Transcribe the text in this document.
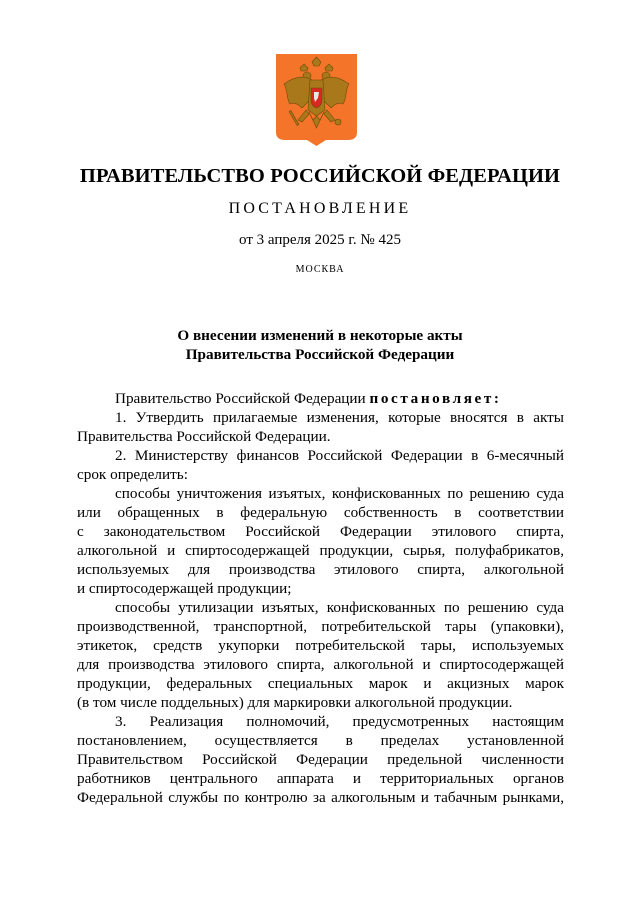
ПРАВИТЕЛЬСТВО РОССИЙСКОЙ ФЕДЕРАЦИИ
ПОСТАНОВЛЕНИЕ
от 3 апреля 2025 г. № 425
МОСКВА
О внесении изменений в некоторые акты
Правительства Российской Федерации
Правительство Российской Федерации постановляет:
1. Утвердить прилагаемые изменения, которые вносятся в акты
Правительства Российской Федерации.
2. Министерству финансов Российской Федерации в 6-месячный
срок определить:
способы уничтожения изъятых, конфискованных по решению суда
или обращенных в федеральную собственность в соответствии
с законодательством Российской Федерации этилового спирта,
алкогольной и спиртосодержащей продукции, сырья, полуфабрикатов,
используемых для производства этилового спирта, алкогольной
и спиртосодержащей продукции;
способы утилизации изъятых, конфискованных по решению суда
производственной, транспортной, потребительской тары (упаковки),
этикеток, средств укупорки потребительской тары, используемых
для производства этилового спирта, алкогольной и спиртосодержащей
продукции, федеральных специальных марок и акцизных марок
(в том числе поддельных) для маркировки алкогольной продукции.
3. Реализация полномочий, предусмотренных настоящим
постановлением, осуществляется в пределах установленной
Правительством Российской Федерации предельной численности
работников центрального аппарата и территориальных органов
Федеральной службы по контролю за алкогольным и табачным рынками,
